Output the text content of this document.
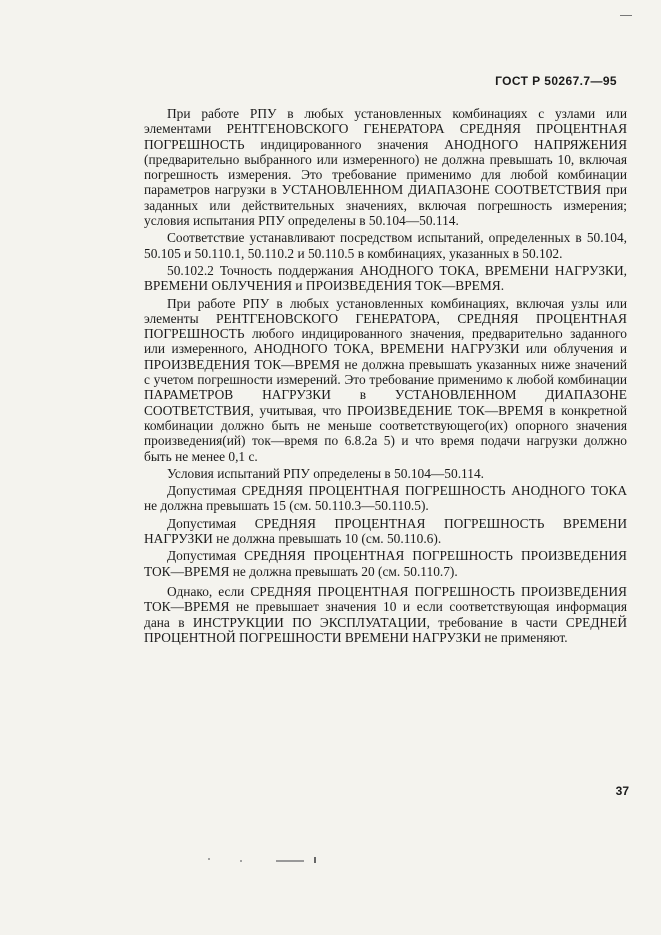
ГОСТ Р 50267.7—95

При работе РПУ в любых установленных комбинациях с узлами или элементами РЕНТГЕНОВСКОГО ГЕНЕРАТОРА СРЕДНЯЯ ПРОЦЕНТНАЯ ПОГРЕШНОСТЬ индицированного значения АНОДНОГО НАПРЯЖЕНИЯ (предварительно выбранного или измеренного) не должна превышать 10, включая погрешность измерения. Это требование применимо для любой комбинации параметров нагрузки в УСТАНОВЛЕННОМ ДИАПАЗОНЕ СООТВЕТСТВИЯ при заданных или действительных значениях, включая погрешность измерения; условия испытания РПУ определены в 50.104—50.114.

Соответствие устанавливают посредством испытаний, определенных в 50.104, 50.105 и 50.110.1, 50.110.2 и 50.110.5 в комбинациях, указанных в 50.102.

50.102.2 Точность поддержания АНОДНОГО ТОКА, ВРЕМЕНИ НАГРУЗКИ, ВРЕМЕНИ ОБЛУЧЕНИЯ и ПРОИЗВЕДЕНИЯ ТОК—ВРЕМЯ.

При работе РПУ в любых установленных комбинациях, включая узлы или элементы РЕНТГЕНОВСКОГО ГЕНЕРАТОРА, СРЕДНЯЯ ПРОЦЕНТНАЯ ПОГРЕШНОСТЬ любого индицированного значения, предварительно заданного или измеренного, АНОДНОГО ТОКА, ВРЕМЕНИ НАГРУЗКИ или облучения и ПРОИЗВЕДЕНИЯ ТОК—ВРЕМЯ не должна превышать указанных ниже значений с учетом погрешности измерений. Это требование применимо к любой комбинации ПАРАМЕТРОВ НАГРУЗКИ в УСТАНОВЛЕННОМ ДИАПАЗОНЕ СООТВЕТСТВИЯ, учитывая, что ПРОИЗВЕДЕНИЕ ТОК—ВРЕМЯ в конкретной комбинации должно быть не меньше соответствующего(их) опорного значения произведения(ий) ток—время по 6.8.2а 5) и что время подачи нагрузки должно быть не менее 0,1 с.

Условия испытаний РПУ определены в 50.104—50.114.

Допустимая СРЕДНЯЯ ПРОЦЕНТНАЯ ПОГРЕШНОСТЬ АНОДНОГО ТОКА не должна превышать 15 (см. 50.110.3—50.110.5).

Допустимая СРЕДНЯЯ ПРОЦЕНТНАЯ ПОГРЕШНОСТЬ ВРЕМЕНИ НАГРУЗКИ не должна превышать 10 (см. 50.110.6).

Допустимая СРЕДНЯЯ ПРОЦЕНТНАЯ ПОГРЕШНОСТЬ ПРОИЗВЕДЕНИЯ ТОК—ВРЕМЯ не должна превышать 20 (см. 50.110.7).

Однако, если СРЕДНЯЯ ПРОЦЕНТНАЯ ПОГРЕШНОСТЬ ПРОИЗВЕДЕНИЯ ТОК—ВРЕМЯ не превышает значения 10 и если соответствующая информация дана в ИНСТРУКЦИИ ПО ЭКСПЛУАТАЦИИ, требование в части СРЕДНЕЙ ПРОЦЕНТНОЙ ПОГРЕШНОСТИ ВРЕМЕНИ НАГРУЗКИ не применяют.

37
